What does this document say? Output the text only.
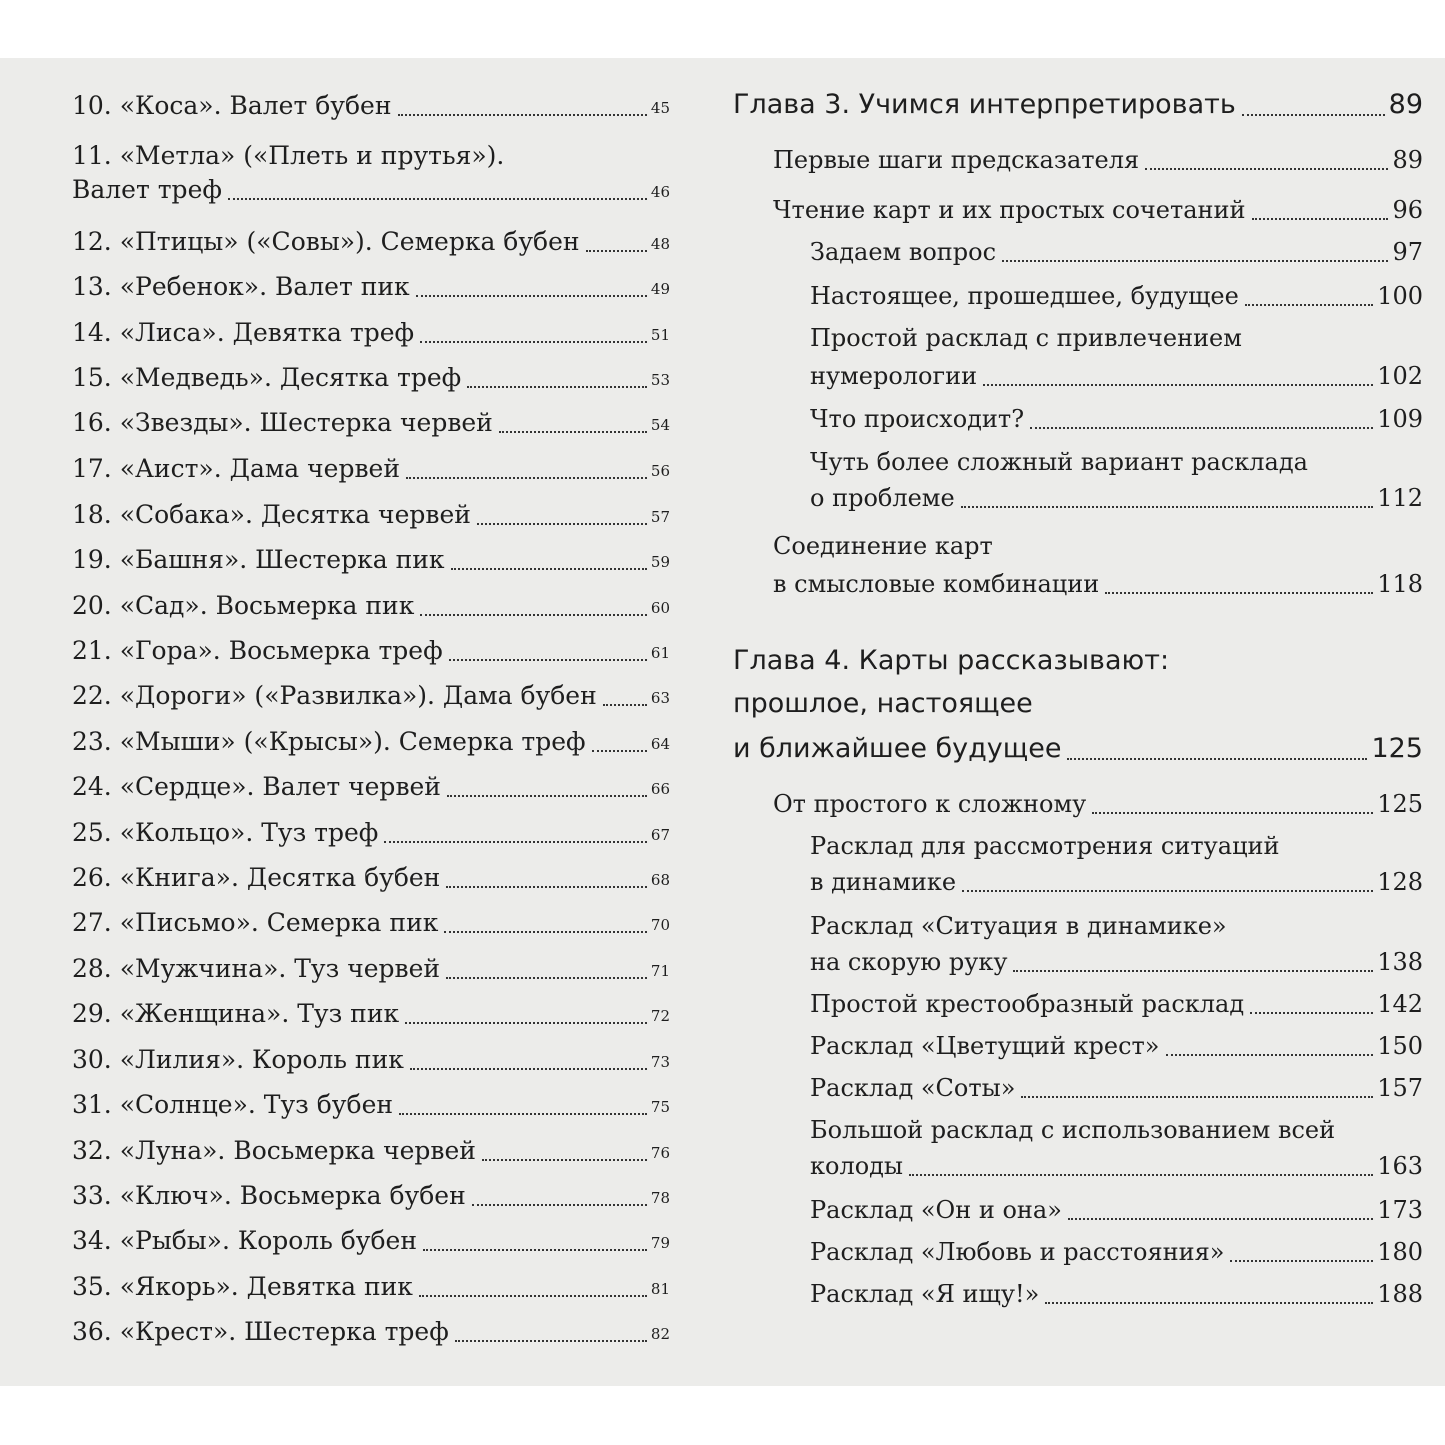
10. «Коса». Валет бубен	45
11. «Метла» («Плеть и прутья»).
Валет треф	46
12. «Птицы» («Совы»). Семерка бубен	48
13. «Ребенок». Валет пик	49
14. «Лиса». Девятка треф	51
15. «Медведь». Десятка треф	53
16. «Звезды». Шестерка червей	54
17. «Аист». Дама червей	56
18. «Собака». Десятка червей	57
19. «Башня». Шестерка пик	59
20. «Сад». Восьмерка пик	60
21. «Гора». Восьмерка треф	61
22. «Дороги» («Развилка»). Дама бубен	63
23. «Мыши» («Крысы»). Семерка треф	64
24. «Сердце». Валет червей	66
25. «Кольцо». Туз треф	67
26. «Книга». Десятка бубен	68
27. «Письмо». Семерка пик	70
28. «Мужчина». Туз червей	71
29. «Женщина». Туз пик	72
30. «Лилия». Король пик	73
31. «Солнце». Туз бубен	75
32. «Луна». Восьмерка червей	76
33. «Ключ». Восьмерка бубен	78
34. «Рыбы». Король бубен	79
35. «Якорь». Девятка пик	81
36. «Крест». Шестерка треф	82
Глава 3. Учимся интерпретировать	89
Первые шаги предсказателя	89
Чтение карт и их простых сочетаний	96
Задаем вопрос	97
Настоящее, прошедшее, будущее	100
Простой расклад с привлечением
нумерологии	102
Что происходит?	109
Чуть более сложный вариант расклада
о проблеме	112
Соединение карт
в смысловые комбинации	118
Глава 4. Карты рассказывают:
прошлое, настоящее
и ближайшее будущее	125
От простого к сложному	125
Расклад для рассмотрения ситуаций
в динамике	128
Расклад «Ситуация в динамике»
на скорую руку	138
Простой крестообразный расклад	142
Расклад «Цветущий крест»	150
Расклад «Соты»	157
Большой расклад с использованием всей
колоды	163
Расклад «Он и она»	173
Расклад «Любовь и расстояния»	180
Расклад «Я ищу!»	188
